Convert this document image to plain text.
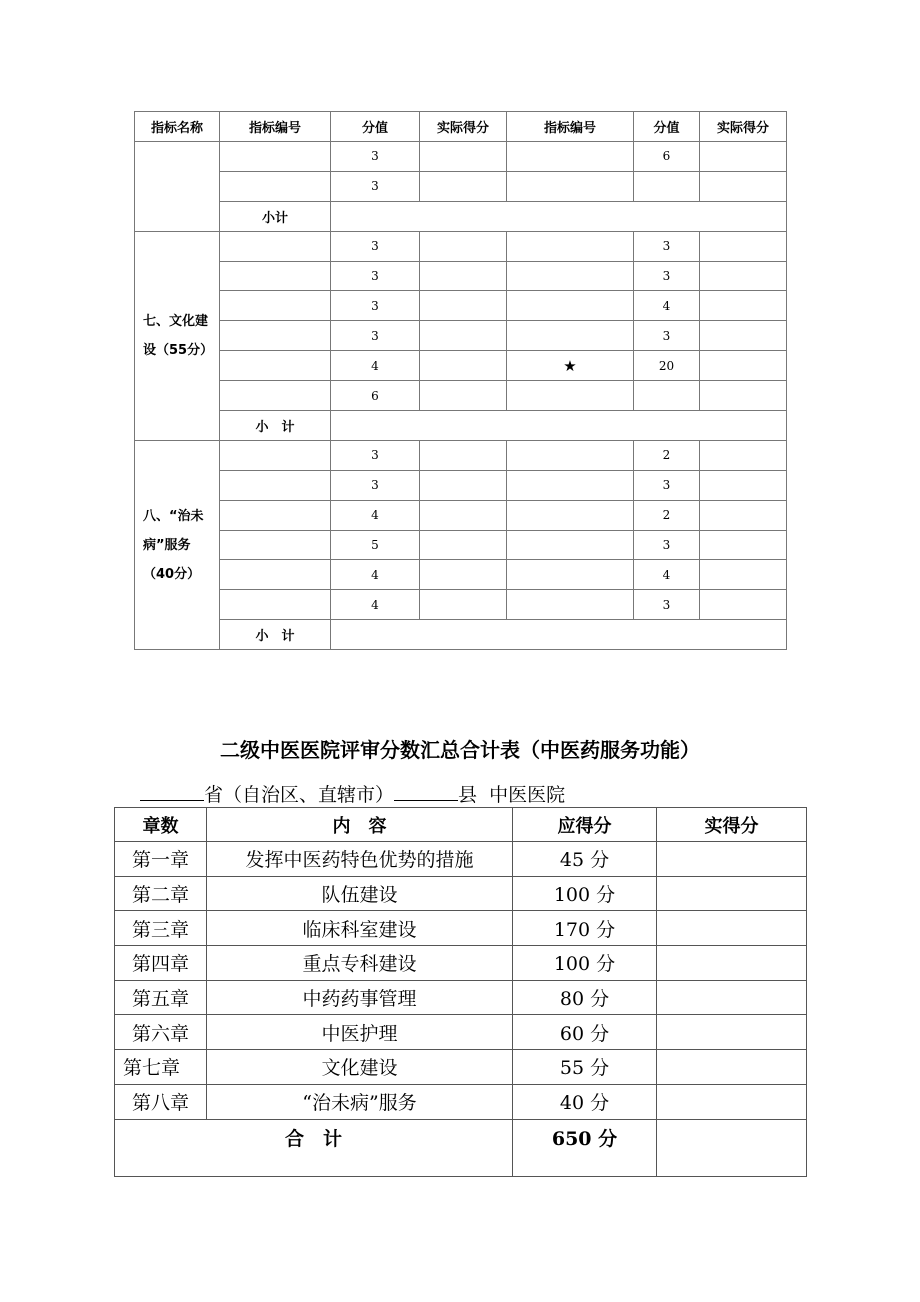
指标名称	指标编号	分值	实际得分	指标编号	分值	实际得分
		3			6	
		3				
	小计					
七、文化建设（55分）		3			3	
		3			3	
		3			4	
		3			3	
		4		★	20	
		6				
	小　计					
八、“治未病”服务（40分）		3			2	
		3			3	
		4			2	
		5			3	
		4			4	
		4			3	
	小　计					
二级中医医院评审分数汇总合计表（中医药服务功能）
省（自治区、直辖市）	县 中医医院
章数	内　容	应得分	实得分
第一章	发挥中医药特色优势的措施	45 分	
第二章	队伍建设	100 分	
第三章	临床科室建设	170 分	
第四章	重点专科建设	100 分	
第五章	中药药事管理	80 分	
第六章	中医护理	60 分	
第七章	文化建设	55 分	
第八章	“治未病”服务	40 分	
合　计		650 分	
